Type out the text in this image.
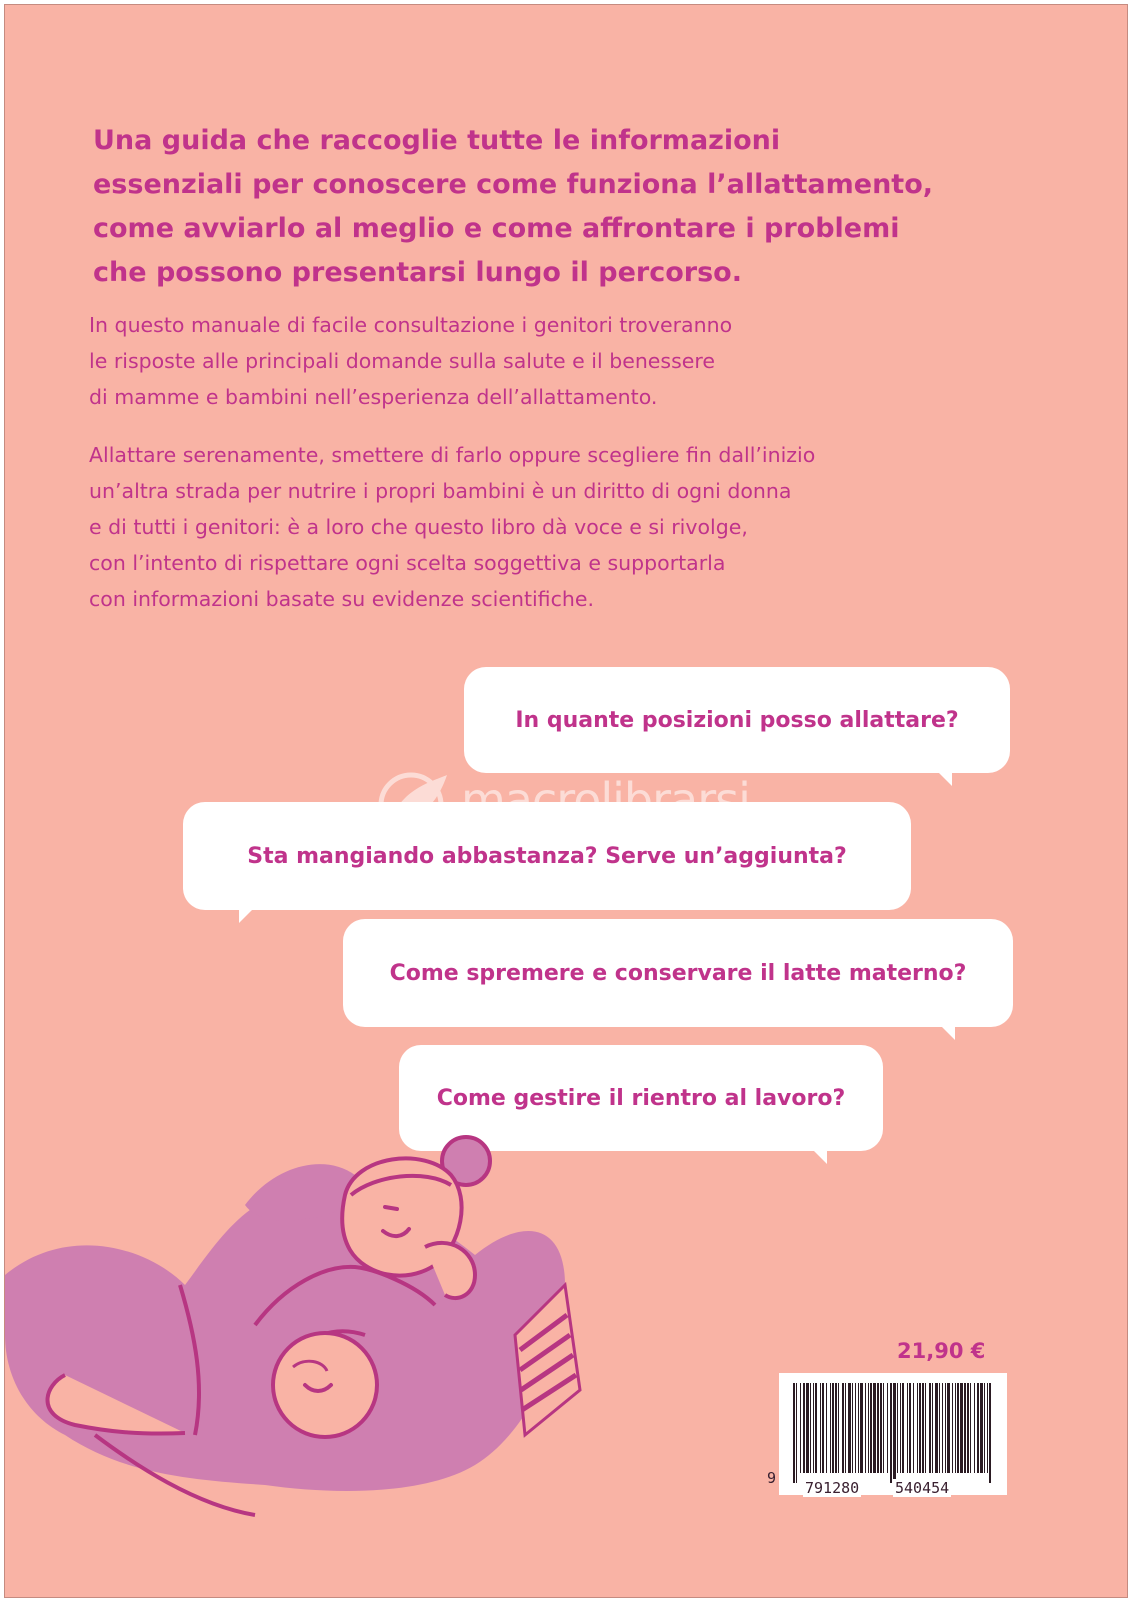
Una guida che raccoglie tutte le informazioni
essenziali per conoscere come funziona l’allattamento,
come avviarlo al meglio e come affrontare i problemi
che possono presentarsi lungo il percorso.

In questo manuale di facile consultazione i genitori troveranno
le risposte alle principali domande sulla salute e il benessere
di mamme e bambini nell’esperienza dell’allattamento.

Allattare serenamente, smettere di farlo oppure scegliere fin dall’inizio
un’altra strada per nutrire i propri bambini è un diritto di ogni donna
e di tutti i genitori: è a loro che questo libro dà voce e si rivolge,
con l’intento di rispettare ogni scelta soggettiva e supportarla
con informazioni basate su evidenze scientifiche.

In quante posizioni posso allattare?
Sta mangiando abbastanza? Serve un’aggiunta?
Come spremere e conservare il latte materno?
Come gestire il rientro al lavoro?
macrolibrarsi
ALTERNATIVA NATURALE
21,90 €
9
791280 540454
